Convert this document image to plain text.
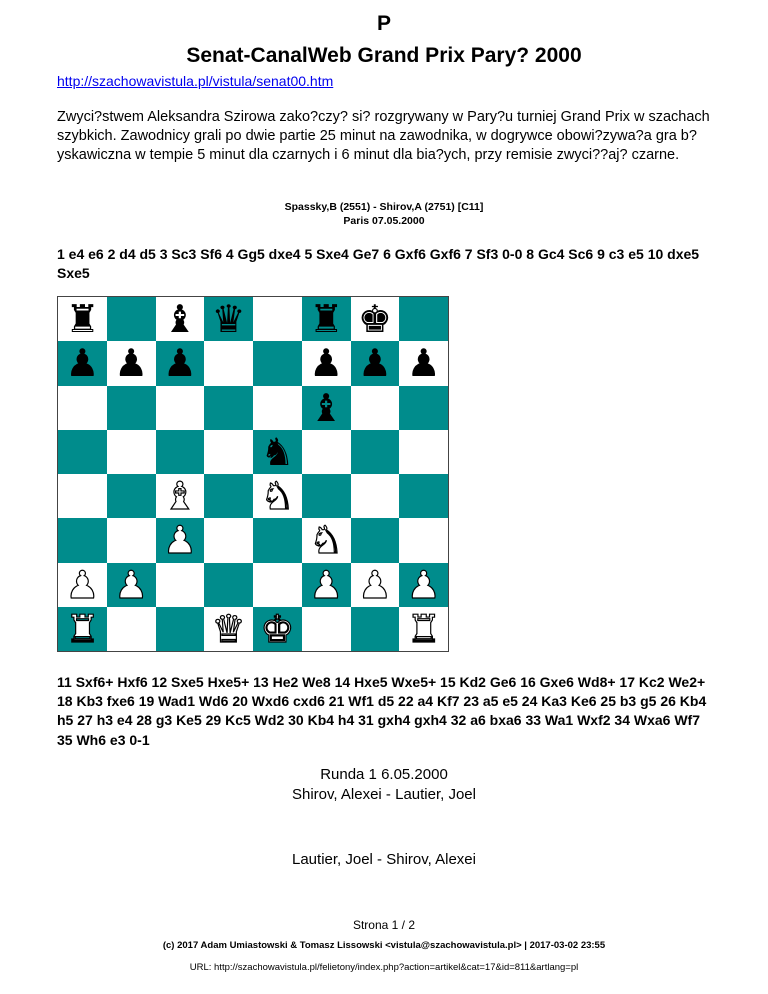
P
Senat-CanalWeb Grand Prix Pary? 2000
http://szachowavistula.pl/vistula/senat00.htm
Zwyci?stwem Aleksandra Szirowa zako?czy? si? rozgrywany w Pary?u turniej Grand Prix w szachach szybkich. Zawodnicy grali po dwie partie 25 minut na zawodnika, w dogrywce obowi?zywa?a gra b?yskawiczna w tempie 5 minut dla czarnych i 6 minut dla bia?ych, przy remisie zwyci??aj? czarne.
Spassky,B (2551) - Shirov,A (2751) [C11]
Paris 07.05.2000
1 e4 e6 2 d4 d5 3 Sc3 Sf6 4 Gg5 dxe4 5 Sxe4 Ge7 6 Gxf6 Gxf6 7 Sf3 0-0 8 Gc4 Sc6 9 c3 e5 10 dxe5 Sxe5
♜ ♝ ♛ ♜ ♚
♟ ♟ ♟	♟ ♟ ♟
♝
♞
♝ ♞
♟	♞
♟ ♟	♟ ♟ ♟
♜	♛ ♚	♜
11 Sxf6+ Hxf6 12 Sxe5 Hxe5+ 13 He2 We8 14 Hxe5 Wxe5+ 15 Kd2 Ge6 16 Gxe6 Wd8+ 17 Kc2 We2+ 18 Kb3 fxe6 19 Wad1 Wd6 20 Wxd6 cxd6 21 Wf1 d5 22 a4 Kf7 23 a5 e5 24 Ka3 Ke6 25 b3 g5 26 Kb4 h5 27 h3 e4 28 g3 Ke5 29 Kc5 Wd2 30 Kb4 h4 31 gxh4 gxh4 32 a6 bxa6 33 Wa1 Wxf2 34 Wxa6 Wf7 35 Wh6 e3 0-1
Runda 1 6.05.2000
Shirov, Alexei - Lautier, Joel
Lautier, Joel - Shirov, Alexei
Strona 1 / 2
(c) 2017 Adam Umiastowski & Tomasz Lissowski <vistula@szachowavistula.pl> | 2017-03-02 23:55
URL: http://szachowavistula.pl/felietony/index.php?action=artikel&cat=17&id=811&artlang=pl
